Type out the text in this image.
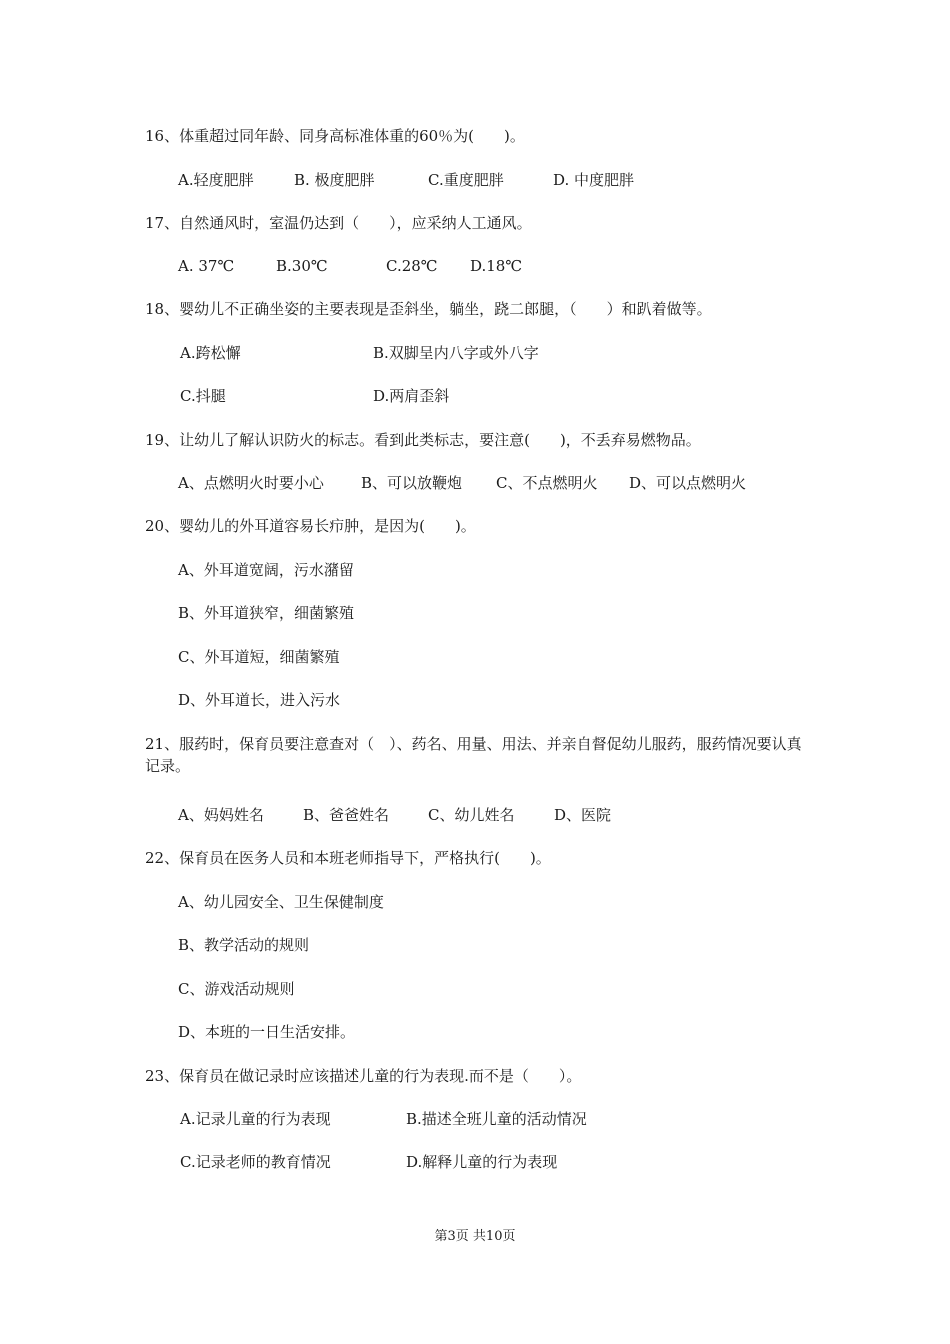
16、体重超过同年龄、同身高标准体重的60％为(　　)。
A.轻度肥胖	B. 极度肥胖	C.重度肥胖	D. 中度肥胖
17、自然通风时，室温仍达到（　　），应采纳人工通风。
A. 37℃	B.30℃	C.28℃ D.18℃
18、婴幼儿不正确坐姿的主要表现是歪斜坐，躺坐，跷二郎腿，（　　）和趴着做等。
A.跨松懈	B.双脚呈内八字或外八字
C.抖腿	D.两肩歪斜
19、让幼儿了解认识防火的标志。看到此类标志，要注意(　　)，不丢弃易燃物品。
A、点燃明火时要小心 B、可以放鞭炮 C、不点燃明火 D、可以点燃明火
20、婴幼儿的外耳道容易长疖肿，是因为(　　)。
A、外耳道宽阔，污水潴留
B、外耳道狭窄，细菌繁殖
C、外耳道短，细菌繁殖
D、外耳道长，进入污水
21、服药时，保育员要注意查对（　）、药名、用量、用法、并亲自督促幼儿服药，服药情况要认真记录。
A、妈妈姓名	B、爸爸姓名	C、幼儿姓名	D、医院
22、保育员在医务人员和本班老师指导下，严格执行(　　)。
A、幼儿园安全、卫生保健制度
B、教学活动的规则
C、游戏活动规则
D、本班的一日生活安排。
23、保育员在做记录时应该描述儿童的行为表现.而不是（　　）。
A.记录儿童的行为表现	B.描述全班儿童的活动情况
C.记录老师的教育情况	D.解释儿童的行为表现
第3页 共10页
